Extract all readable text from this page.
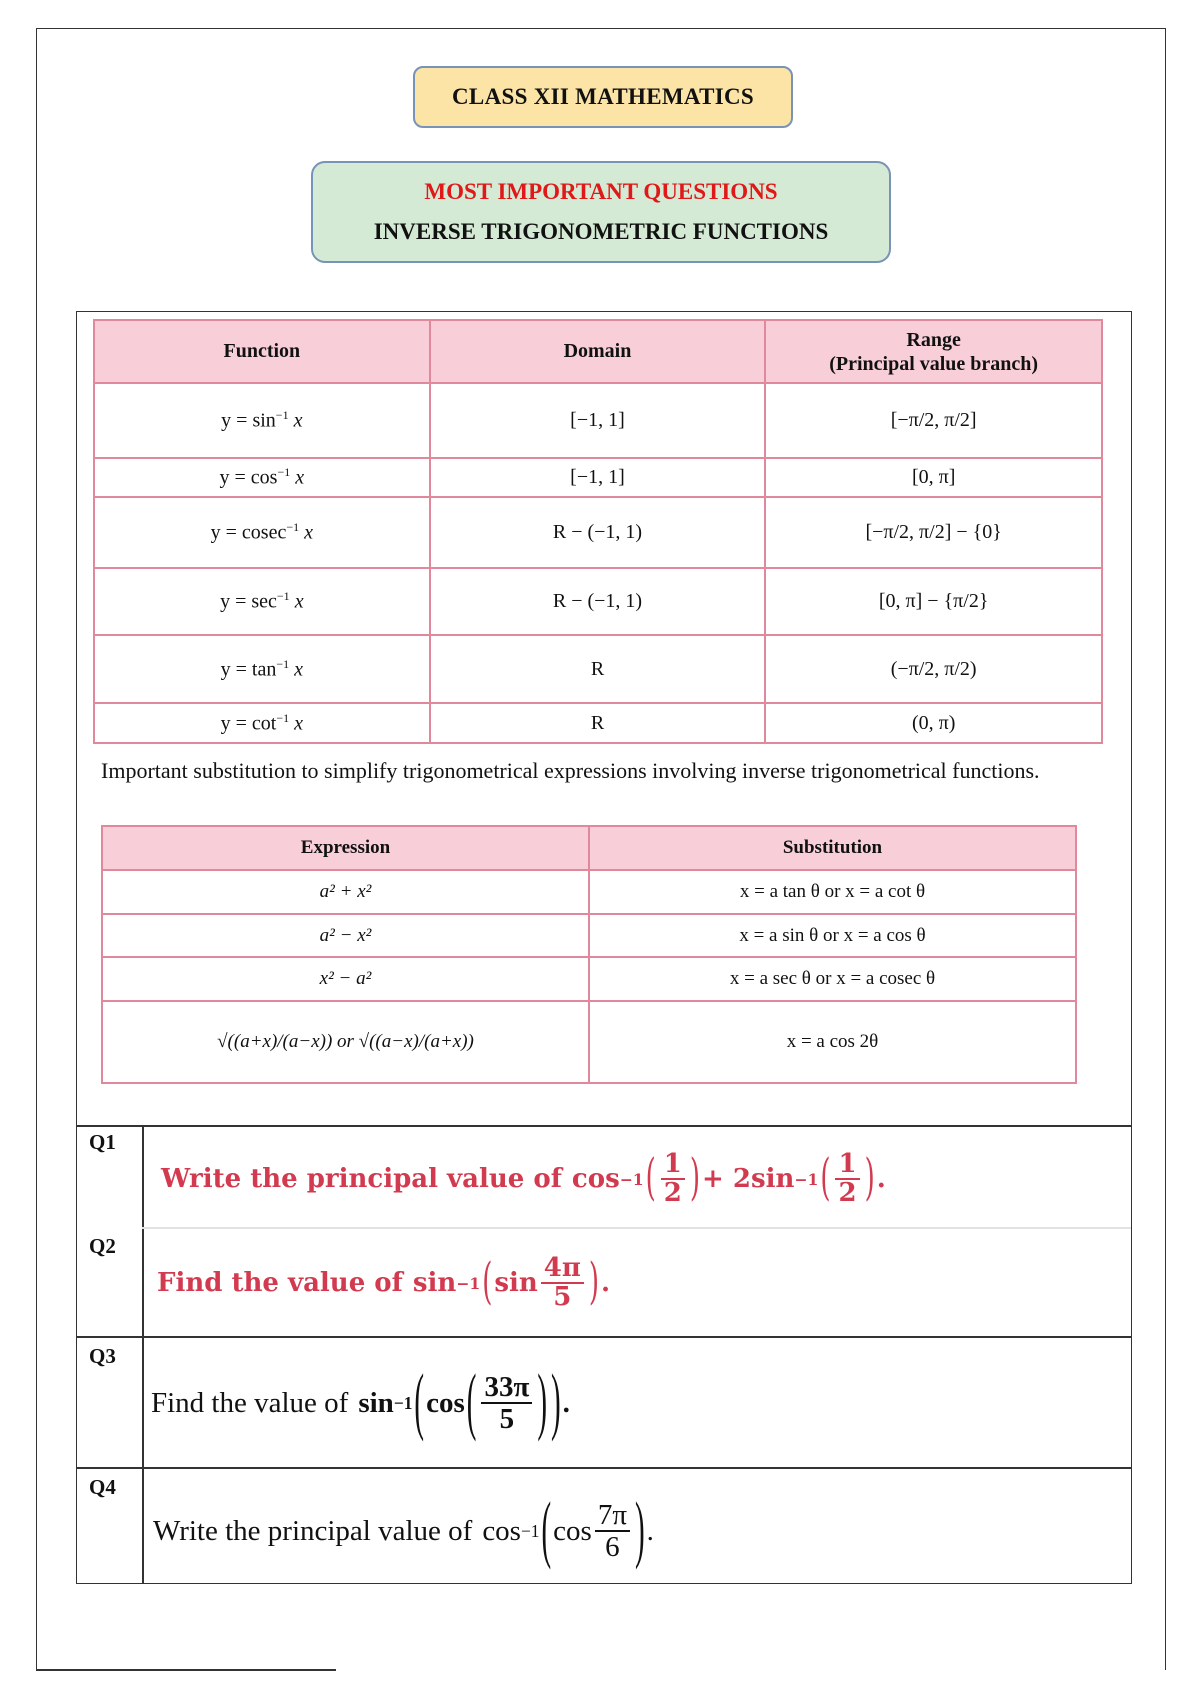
CLASS XII MATHEMATICS
MOST IMPORTANT QUESTIONS
INVERSE TRIGONOMETRIC FUNCTIONS
Function	Domain	Range
(Principal value branch)
$y = \sin^{-1} x$	[−1, 1]	[−π/2, π/2]
$y = \cos^{-1} x$	[−1, 1]	[0, π]
y = cosec$^{-1}$ x	R − (−1, 1)	[−π/2, π/2] − {0}
$y = \sec^{-1} x$	R − (−1, 1)	[0, π] − {π/2}
$y = \tan^{-1} x$	R	(−π/2, π/2)
$y = \cot^{-1} x$	R	(0, π)
Important substitution to simplify trigonometrical expressions involving inverse trigonometrical functions.
Expression	Substitution
a² + x²	x = a tan θ or x = a cot θ
a² − x²	x = a sin θ or x = a cos θ
x² − a²	x = a sec θ or x = a cosec θ
√((a+x)/(a−x)) or √((a−x)/(a+x))	x = a cos 2θ
Q1
Write the principal value of cos −1 ( $\frac{1}{2}$ ) + 2sin −1 ( $\frac{1}{2}$ ) .
Q2
Find the value of sin −1 ( $\sin \frac{4\pi}{5}$ ) .
Q3
Find the value of sin −1 ( cos ( $\frac{33\pi}{5}$ ) ) .
Q4
Write the principal value of cos −1 ( $\cos \frac{7\pi}{6}$ ) .
